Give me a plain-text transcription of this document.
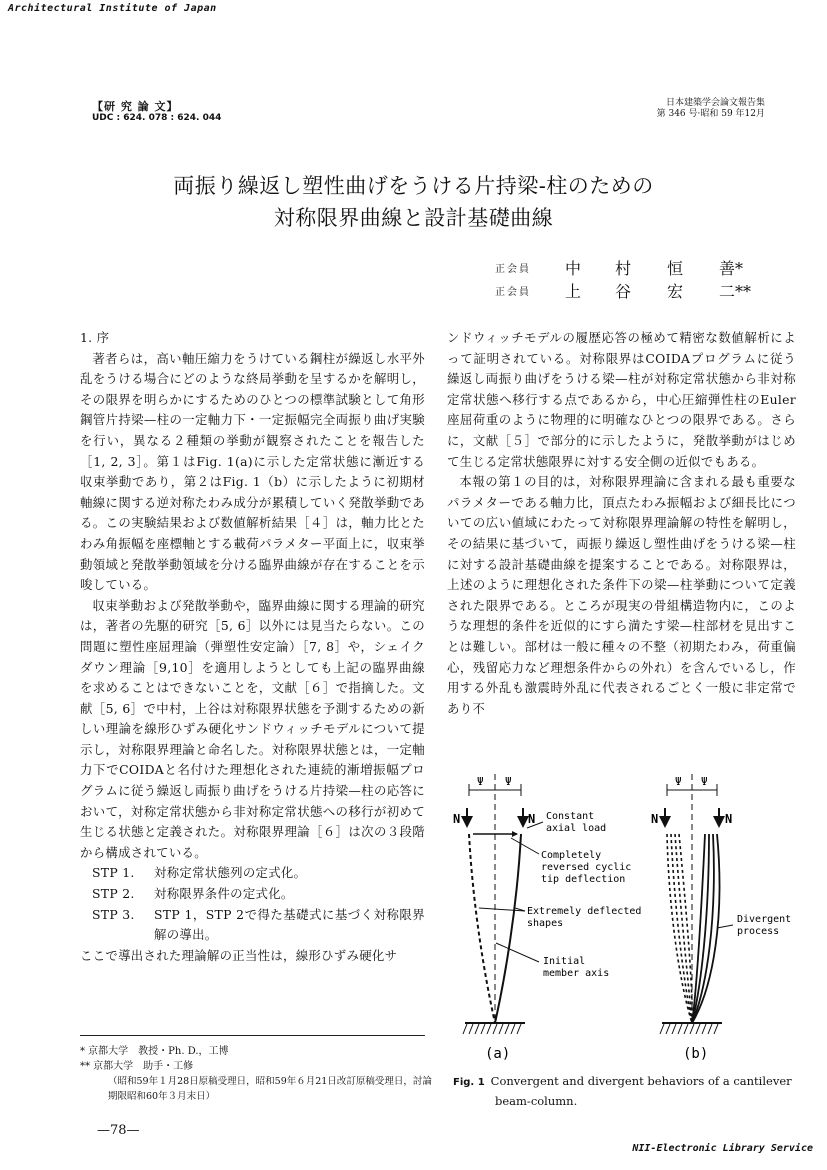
Architectural Institute of Japan
【研 究 論 文】
UDC : 624. 078 : 624. 044
日本建築学会論文報告集
第 346 号·昭和 59 年12月
両振り繰返し塑性曲げをうける片持梁-柱のための
対称限界曲線と設計基礎曲線
正会員 中 村 恒 善*
正会員 上 谷 宏 二**

1. 序

著者らは，高い軸圧縮力をうけている鋼柱が繰返し水平外乱をうける場合にどのような終局挙動を呈するかを解明し，その限界を明らかにするためのひとつの標準試験として角形鋼管片持梁—柱の一定軸力下・一定振幅完全両振り曲げ実験を行い，異なる２種類の挙動が観察されたことを報告した［1, 2, 3］。第１はFig. 1(a)に示した定常状態に漸近する収束挙動であり，第２はFig. 1（b）に示したように初期材軸線に関する逆対称たわみ成分が累積していく発散挙動である。この実験結果および数値解析結果［４］は，軸力比とたわみ角振幅を座標軸とする載荷パラメター平面上に，収束挙動領域と発散挙動領域を分ける臨界曲線が存在することを示唆している。

収束挙動および発散挙動や，臨界曲線に関する理論的研究は，著者の先駆的研究［5, 6］以外には見当たらない。この問題に塑性座屈理論（弾塑性安定論）［7, 8］や，シェイクダウン理論［9,10］を適用しようとしても上記の臨界曲線を求めることはできないことを，文献［６］で指摘した。文献［5, 6］で中村，上谷は対称限界状態を予測するための新しい理論を線形ひずみ硬化サンドウィッチモデルについて提示し，対称限界理論と命名した。対称限界状態とは，一定軸力下でCOIDAと名付けた理想化された連続的漸増振幅プログラムに従う繰返し両振り曲げをうける片持梁—柱の応答において，対称定常状態から非対称定常状態への移行が初めて生じる状態と定義された。対称限界理論［６］は次の３段階から構成されている。

STP 1.	対称定常状態列の定式化。
STP 2.	対称限界条件の定式化。
STP 3.	STP 1，STP 2で得た基礎式に基づく対称限界解の導出。

ここで導出された理論解の正当性は，線形ひずみ硬化サ

ンドウィッチモデルの履歴応答の極めて精密な数値解析によって証明されている。対称限界はCOIDAプログラムに従う繰返し両振り曲げをうける梁—柱が対称定常状態から非対称定常状態へ移行する点であるから，中心圧縮弾性柱のEuler座屈荷重のように物理的に明確なひとつの限界である。さらに，文献［５］で部分的に示したように，発散挙動がはじめて生じる定常状態限界に対する安全側の近似でもある。

本報の第１の目的は，対称限界理論に含まれる最も重要なパラメターである軸力比，頂点たわみ振幅および細長比についての広い値域にわたって対称限界理論解の特性を解明し，その結果に基づいて，両振り繰返し塑性曲げをうける梁—柱に対する設計基礎曲線を提案することである。対称限界は，上述のように理想化された条件下の梁—柱挙動について定義された限界である。ところが現実の骨組構造物内に，このような理想的条件を近似的にすら満たす梁—柱部材を見出すことは難しい。部材は一般に種々の不整（初期たわみ，荷重偏心，残留応力など理想条件からの外れ）を含んでいるし，作用する外乱も激震時外乱に代表されるごとく一般に非定常であり不

* 京都大学　教授・Ph. D.，工博
** 京都大学　助手・工修
（昭和59年１月28日原稿受理日，昭和59年６月21日改訂原稿受理日，討論期限昭和60年３月末日）
Ψ Ψ
N	N
(a)
Constant
axial load
Completely
reversed cyclic
tip deflection
Extremely deflected
shapes
Initial
member axis
Ψ Ψ
N	N
(b)
Divergent
process
Fig. 1 Convergent and divergent behaviors of a cantilever
beam-column.
—78—
NII-Electronic Library Service
